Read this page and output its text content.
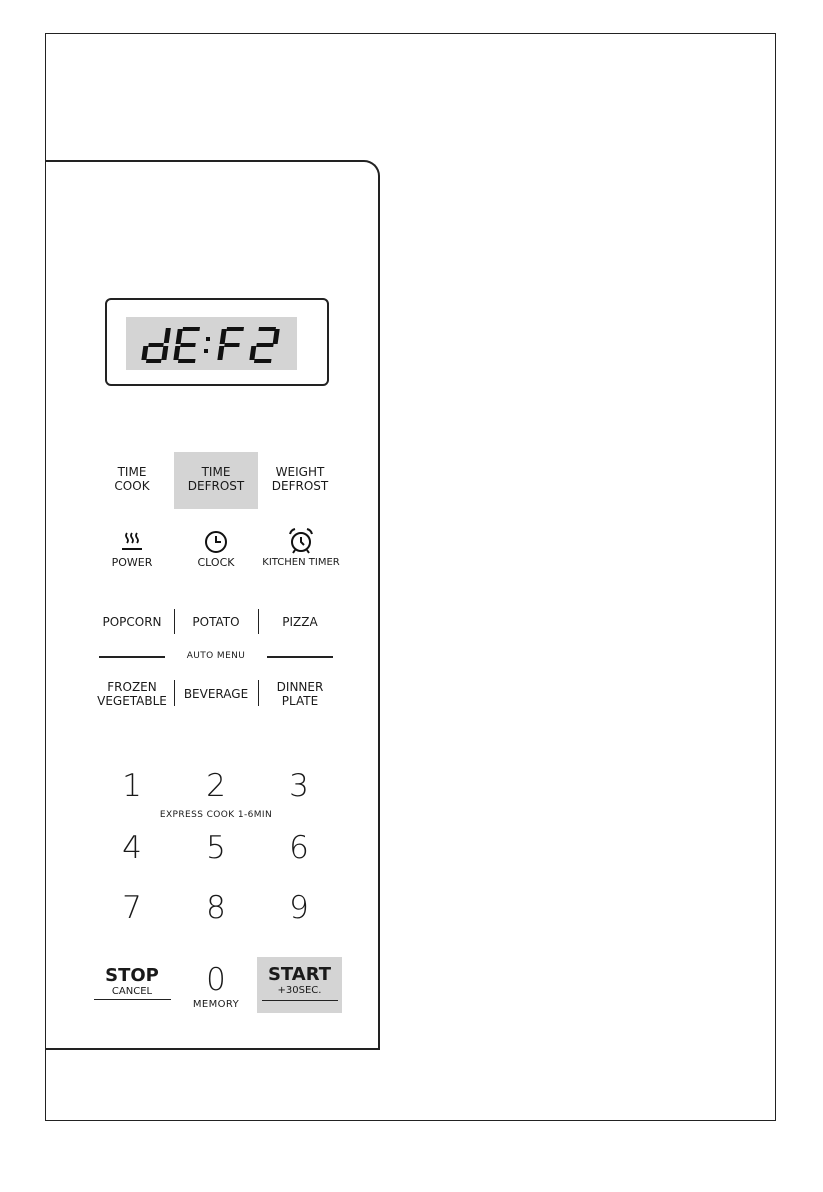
TIME
COOK
TIME
DEFROST
WEIGHT
DEFROST
POWER	CLOCK	KITCHEN TIMER
POPCORN	POTATO	PIZZA
AUTO MENU
FROZEN
VEGETABLE	BEVERAGE	DINNER
PLATE
1	2	3
EXPRESS COOK 1-6MIN
4	5	6
7	8	9
STOP
CANCEL	0
MEMORY
START
+30SEC.
